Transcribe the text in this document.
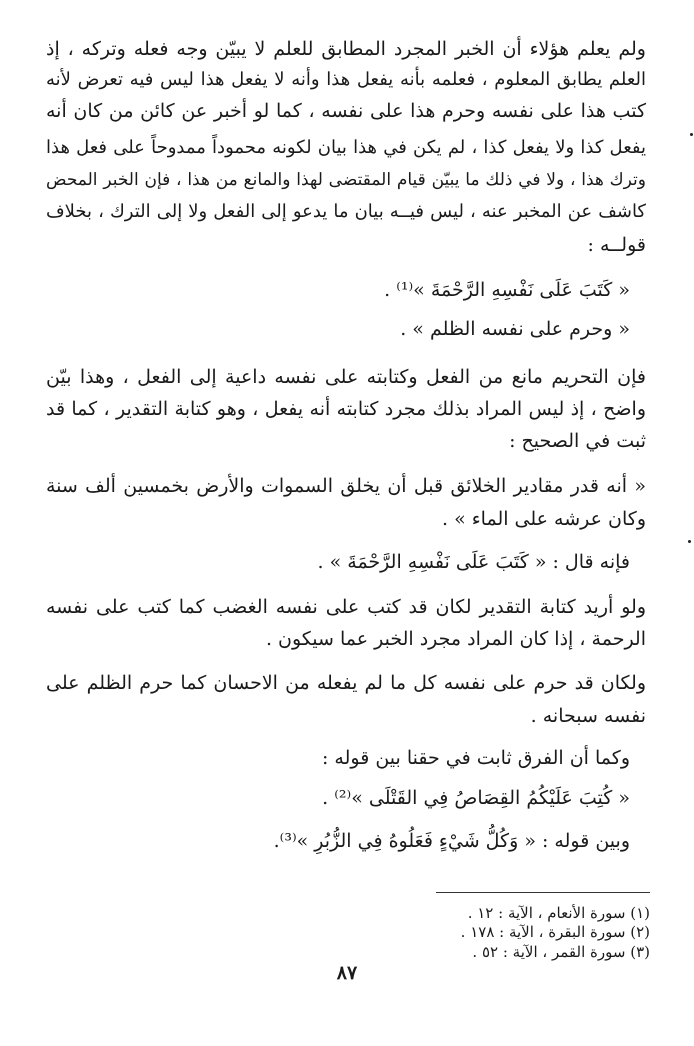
ولم يعلم هؤلاء أن الخبر المجرد المطابق للعلم لا يبيّن وجه فعله وتركه ، إذ
العلم يطابق المعلوم ، فعلمه بأنه يفعل هذا وأنه لا يفعل هذا ليس فيه تعرض لأنه
كتب هذا على نفسه وحرم هذا على نفسه ، كما لو أخبر عن كائن من كان أنه
يفعل كذا ولا يفعل كذا ، لم يكن في هذا بيان لكونه محموداً ممدوحاً على فعل هذا
وترك هذا ، ولا في ذلك ما يبيّن قيام المقتضى لهذا والمانع من هذا ، فإن الخبر المحض
كاشف عن المخبر عنه ، ليس فيــه بيان ما يدعو إلى الفعل ولا إلى الترك ، بخلاف
قولــه :
« كَتَبَ عَلَى نَفْسِهِ الرَّحْمَةَ »⁽¹⁾ .
« وحرم على نفسه الظلم » .
فإن التحريم مانع من الفعل وكتابته على نفسه داعية إلى الفعل ، وهذا بيّن
واضح ، إذ ليس المراد بذلك مجرد كتابته أنه يفعل ، وهو كتابة التقدير ، كما قد
ثبت في الصحيح :
« أنه قدر مقادير الخلائق قبل أن يخلق السموات والأرض بخمسين ألف سنة
وكان عرشه على الماء » .
فإنه قال : « كَتَبَ عَلَى نَفْسِهِ الرَّحْمَةَ » .
ولو أريد كتابة التقدير لكان قد كتب على نفسه الغضب كما كتب على نفسه
الرحمة ، إذا كان المراد مجرد الخبر عما سيكون .
ولكان قد حرم على نفسه كل ما لم يفعله من الاحسان كما حرم الظلم على
نفسه سبحانه .
وكما أن الفرق ثابت في حقنا بين قوله :
« كُتِبَ عَلَيْكُمُ القِصَاصُ فِي القَتْلَى »⁽²⁾ .
وبين قوله : « وَكُلُّ شَيْءٍ فَعَلُوهُ فِي الزُّبُرِ »⁽³⁾.
(١) سورة الأنعام ، الآية : ١٢ .
(٢) سورة البقرة ، الآية : ١٧٨ .
(٣) سورة القمر ، الآية : ٥٢ .
٨٧
